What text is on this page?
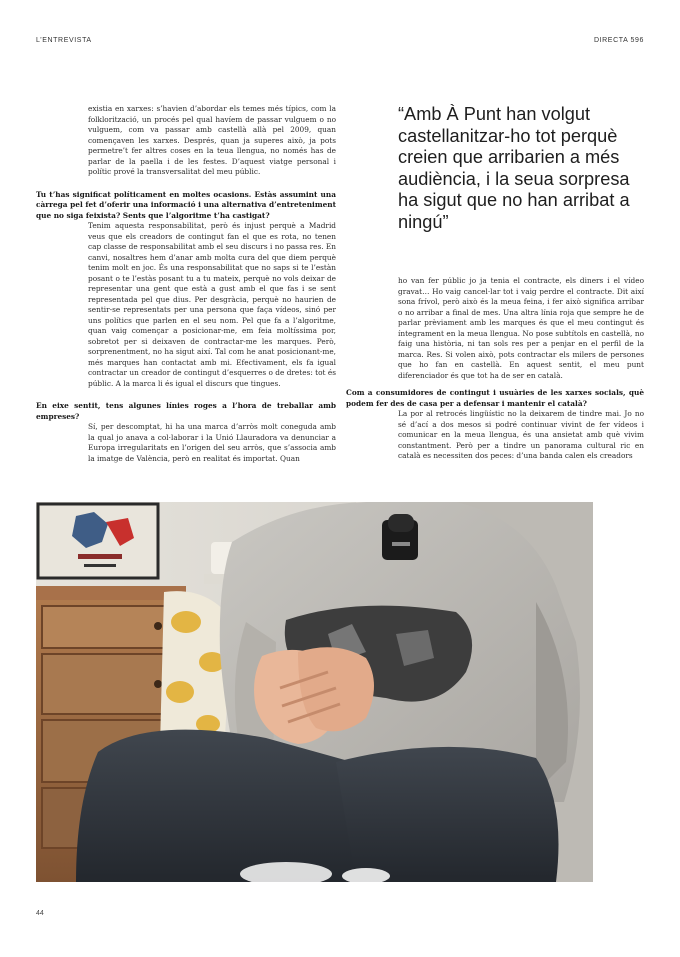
L’ENTREVISTA	DIRECTA 596

existia en xarxes: s’havien d’abordar els temes més típics, com la folklorització, un procés pel qual havíem de passar vulguem o no vulguem, com va passar amb castellà allà pel 2009, quan començaven les xarxes. Després, quan ja superes això, ja pots permetre’t fer altres coses en la teua llengua, no només has de parlar de la paella i de les festes. D’aquest viatge personal i polític prové la transversalitat del meu públic.

Tu t’has significat políticament en moltes ocasions. Estàs assumint una càrrega pel fet d’oferir una informació i una alternativa d’entreteniment que no siga feixista? Sents que l’algoritme t’ha castigat?

Tenim aquesta responsabilitat, però és injust perquè a Madrid veus que els creadors de contingut fan el que es rota, no tenen cap classe de responsabilitat amb el seu discurs i no passa res. En canvi, nosaltres hem d’anar amb molta cura del que diem perquè tenim molt en joc. És una responsabilitat que no saps si te l’estàn posant o te l’estàs posant tu a tu mateix, perquè no vols deixar de representar una gent que està a gust amb el que fas i se sent representada pel que dius. Per desgràcia, perquè no haurien de sentir-se representats per una persona que faça vídeos, sinó per uns polítics que parlen en el seu nom. Pel que fa a l’algoritme, quan vaig començar a posicionar-me, em feia moltíssima por, sobretot per si deixaven de contractar-me les marques. Però, sorprenentment, no ha sigut així. Tal com he anat posicionant-me, més marques han contactat amb mi. Efectivament, els fa igual contractar un creador de contingut d’esquerres o de dretes: tot és públic. A la marca li és igual el discurs que tingues.

En eixe sentit, tens algunes línies roges a l’hora de treballar amb empreses?

Sí, per descomptat, hi ha una marca d’arròs molt coneguda amb la qual jo anava a col·laborar i la Unió Llauradora va denunciar a Europa irregularitats en l’origen del seu arròs, que s’associa amb la imatge de València, però en realitat és importat. Quan

“Amb À Punt han volgut castellanitzar-ho tot perquè creien que arribarien a més audiència, i la seua sorpresa ha sigut que no han arribat a ningú”

ho van fer públic jo ja tenia el contracte, els diners i el vídeo gravat… Ho vaig cancel·lar tot i vaig perdre el contracte. Dit així sona frívol, però això és la meua feina, i fer això significa arribar o no arribar a final de mes. Una altra línia roja que sempre he de parlar prèviament amb les marques és que el meu contingut és íntegrament en la meua llengua. No pose subtítols en castellà, no faig una història, ni tan sols res per a penjar en el perfil de la marca. Res. Si volen això, pots contractar els milers de persones que ho fan en castellà. En aquest sentit, el meu punt diferenciador és que tot ha de ser en català.

Com a consumidores de contingut i usuàries de les xarxes socials, què podem fer des de casa per a defensar i mantenir el català?

La por al retrocés lingüístic no la deixarem de tindre mai. Jo no sé d’ací a dos mesos si podré continuar vivint de fer vídeos i comunicar en la meua llengua, és una ansietat amb què vivim constantment. Però per a tindre un panorama cultural ric en català es necessiten dos peces: d’una banda calen els creadors

44
